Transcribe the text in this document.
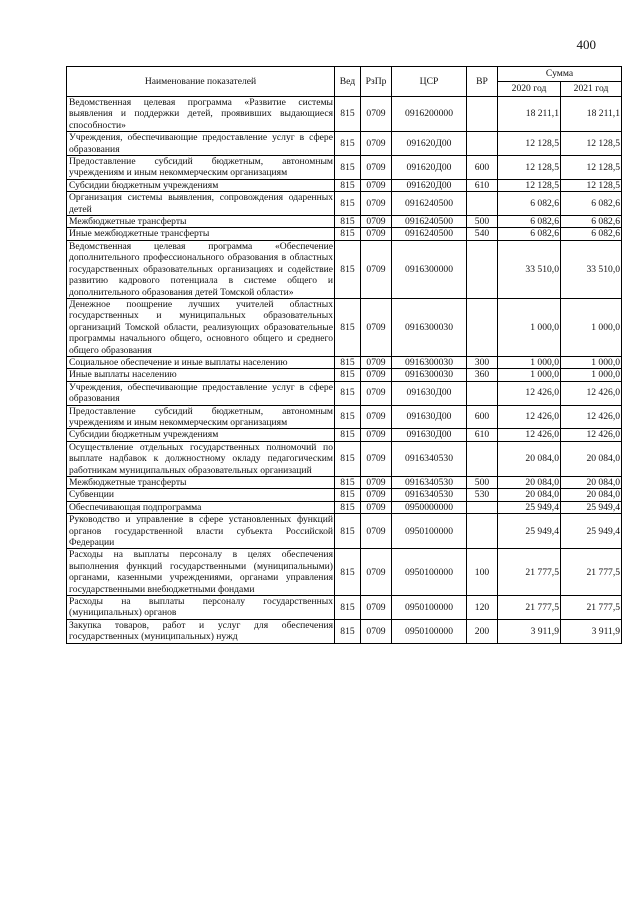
400
Наименование показателей	Вед	РзПр	ЦСР	ВР	Сумма	
					2020 год	2021 год
Ведомственная целевая программа «Развитие системы выявления и поддержки детей, проявивших выдающиеся способности»	815	0709	0916200000		18 211,1	18 211,1
Учреждения, обеспечивающие предоставление услуг в сфере образования	815	0709	091620Д00		12 128,5	12 128,5
Предоставление субсидий бюджетным, автономным учреждениям и иным некоммерческим организациям	815	0709	091620Д00	600	12 128,5	12 128,5
Субсидии бюджетным учреждениям	815	0709	091620Д00	610	12 128,5	12 128,5
Организация системы выявления, сопровождения одаренных детей	815	0709	0916240500		6 082,6	6 082,6
Межбюджетные трансферты	815	0709	0916240500	500	6 082,6	6 082,6
Иные межбюджетные трансферты	815	0709	0916240500	540	6 082,6	6 082,6
Ведомственная целевая программа «Обеспечение дополнительного профессионального образования в областных государственных образовательных организациях и содействие развитию кадрового потенциала в системе общего и дополнительного образования детей Томской области»	815	0709	0916300000		33 510,0	33 510,0
Денежное поощрение лучших учителей областных государственных и муниципальных образовательных организаций Томской области, реализующих образовательные программы начального общего, основного общего и среднего общего образования	815	0709	0916300030		1 000,0	1 000,0
Социальное обеспечение и иные выплаты населению	815	0709	0916300030	300	1 000,0	1 000,0
Иные выплаты населению	815	0709	0916300030	360	1 000,0	1 000,0
Учреждения, обеспечивающие предоставление услуг в сфере образования	815	0709	091630Д00		12 426,0	12 426,0
Предоставление субсидий бюджетным, автономным учреждениям и иным некоммерческим организациям	815	0709	091630Д00	600	12 426,0	12 426,0
Субсидии бюджетным учреждениям	815	0709	091630Д00	610	12 426,0	12 426,0
Осуществление отдельных государственных полномочий по выплате надбавок к должностному окладу педагогическим работникам муниципальных образовательных организаций	815	0709	0916340530		20 084,0	20 084,0
Межбюджетные трансферты	815	0709	0916340530	500	20 084,0	20 084,0
Субвенции	815	0709	0916340530	530	20 084,0	20 084,0
Обеспечивающая подпрограмма	815	0709	0950000000		25 949,4	25 949,4
Руководство и управление в сфере установленных функций органов государственной власти субъекта Российской Федерации	815	0709	0950100000		25 949,4	25 949,4
Расходы на выплаты персоналу в целях обеспечения выполнения функций государственными (муниципальными) органами, казенными учреждениями, органами управления государственными внебюджетными фондами	815	0709	0950100000	100	21 777,5	21 777,5
Расходы на выплаты персоналу государственных (муниципальных) органов	815	0709	0950100000	120	21 777,5	21 777,5
Закупка товаров, работ и услуг для обеспечения государственных (муниципальных) нужд	815	0709	0950100000	200	3 911,9	3 911,9
